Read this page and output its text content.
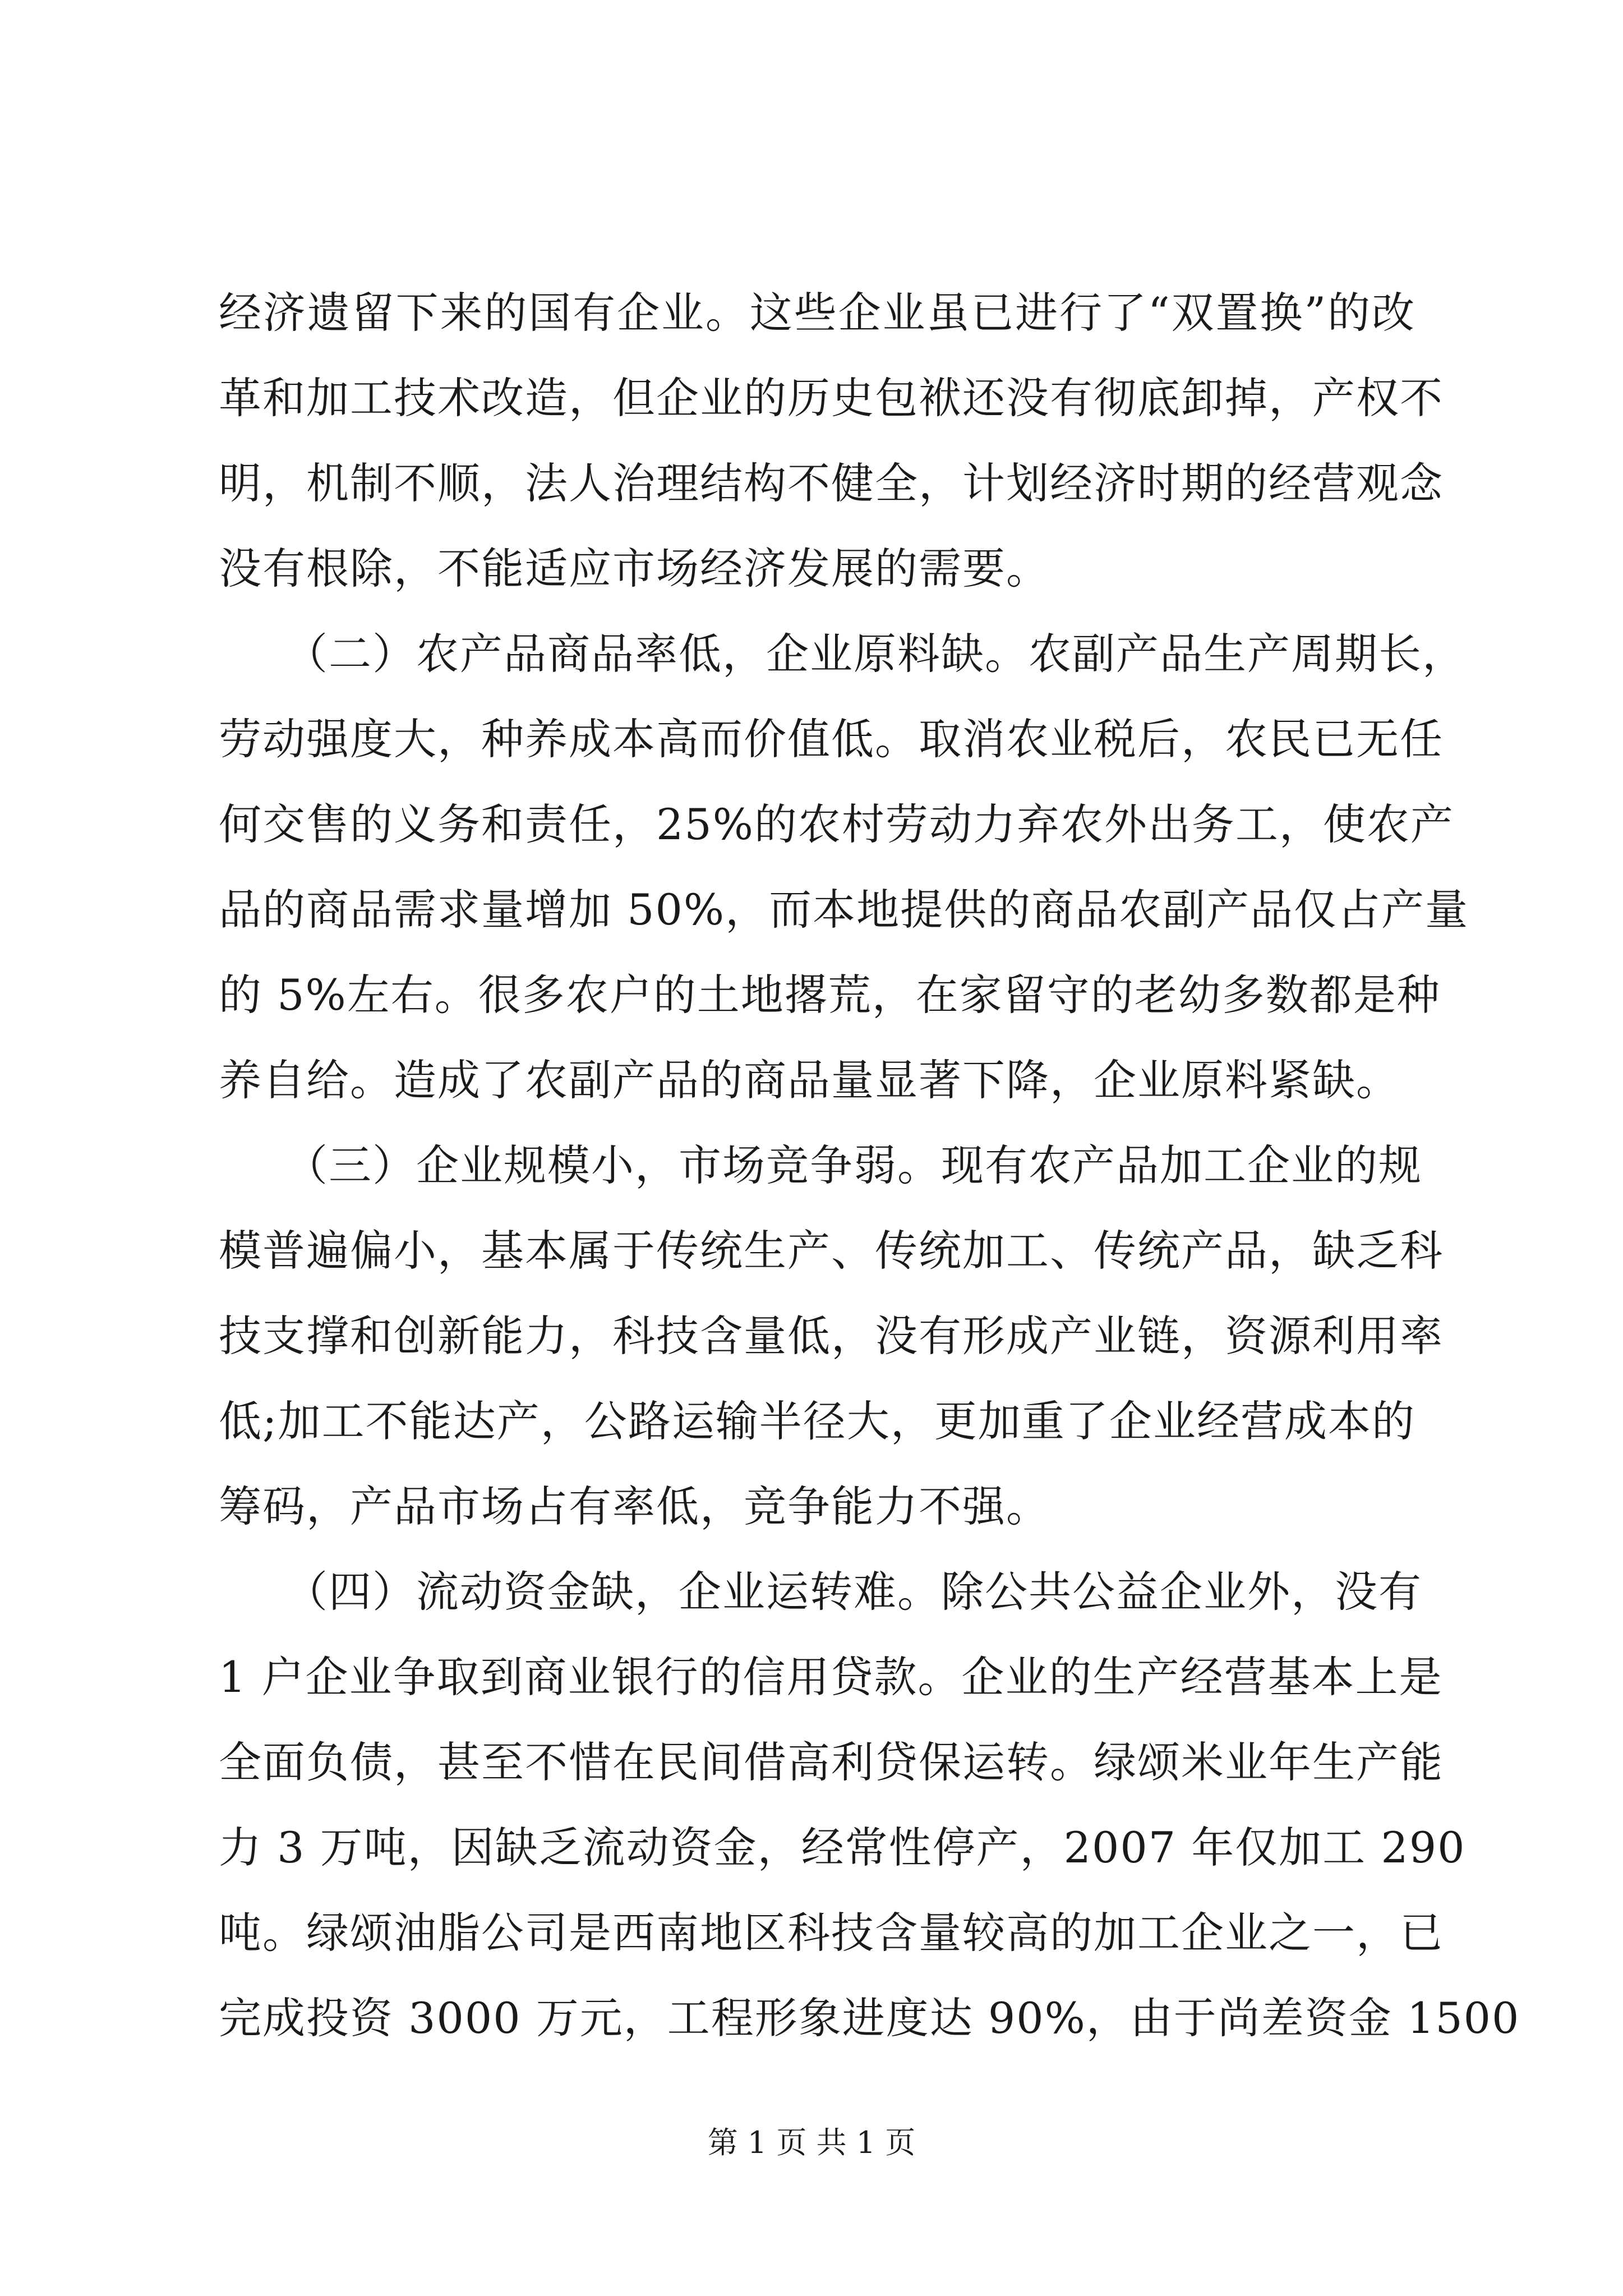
经济遗留下来的国有企业。这些企业虽已进行了“双置换”的改
革和加工技术改造，但企业的历史包袱还没有彻底卸掉，产权不
明，机制不顺，法人治理结构不健全，计划经济时期的经营观念
没有根除，不能适应市场经济发展的需要。
　　（二）农产品商品率低，企业原料缺。农副产品生产周期长，
劳动强度大，种养成本高而价值低。取消农业税后，农民已无任
何交售的义务和责任，25%的农村劳动力弃农外出务工，使农产
品的商品需求量增加 50%，而本地提供的商品农副产品仅占产量
的 5%左右。很多农户的土地撂荒，在家留守的老幼多数都是种
养自给。造成了农副产品的商品量显著下降，企业原料紧缺。
　　（三）企业规模小，市场竞争弱。现有农产品加工企业的规
模普遍偏小，基本属于传统生产、传统加工、传统产品，缺乏科
技支撑和创新能力，科技含量低，没有形成产业链，资源利用率
低;加工不能达产，公路运输半径大，更加重了企业经营成本的
筹码，产品市场占有率低，竞争能力不强。
　　（四）流动资金缺，企业运转难。除公共公益企业外，没有
1 户企业争取到商业银行的信用贷款。企业的生产经营基本上是
全面负债，甚至不惜在民间借高利贷保运转。绿颂米业年生产能
力 3 万吨，因缺乏流动资金，经常性停产，2007 年仅加工 290
吨。绿颂油脂公司是西南地区科技含量较高的加工企业之一，已
完成投资 3000 万元，工程形象进度达 90%，由于尚差资金 1500
第 1 页 共 1 页
